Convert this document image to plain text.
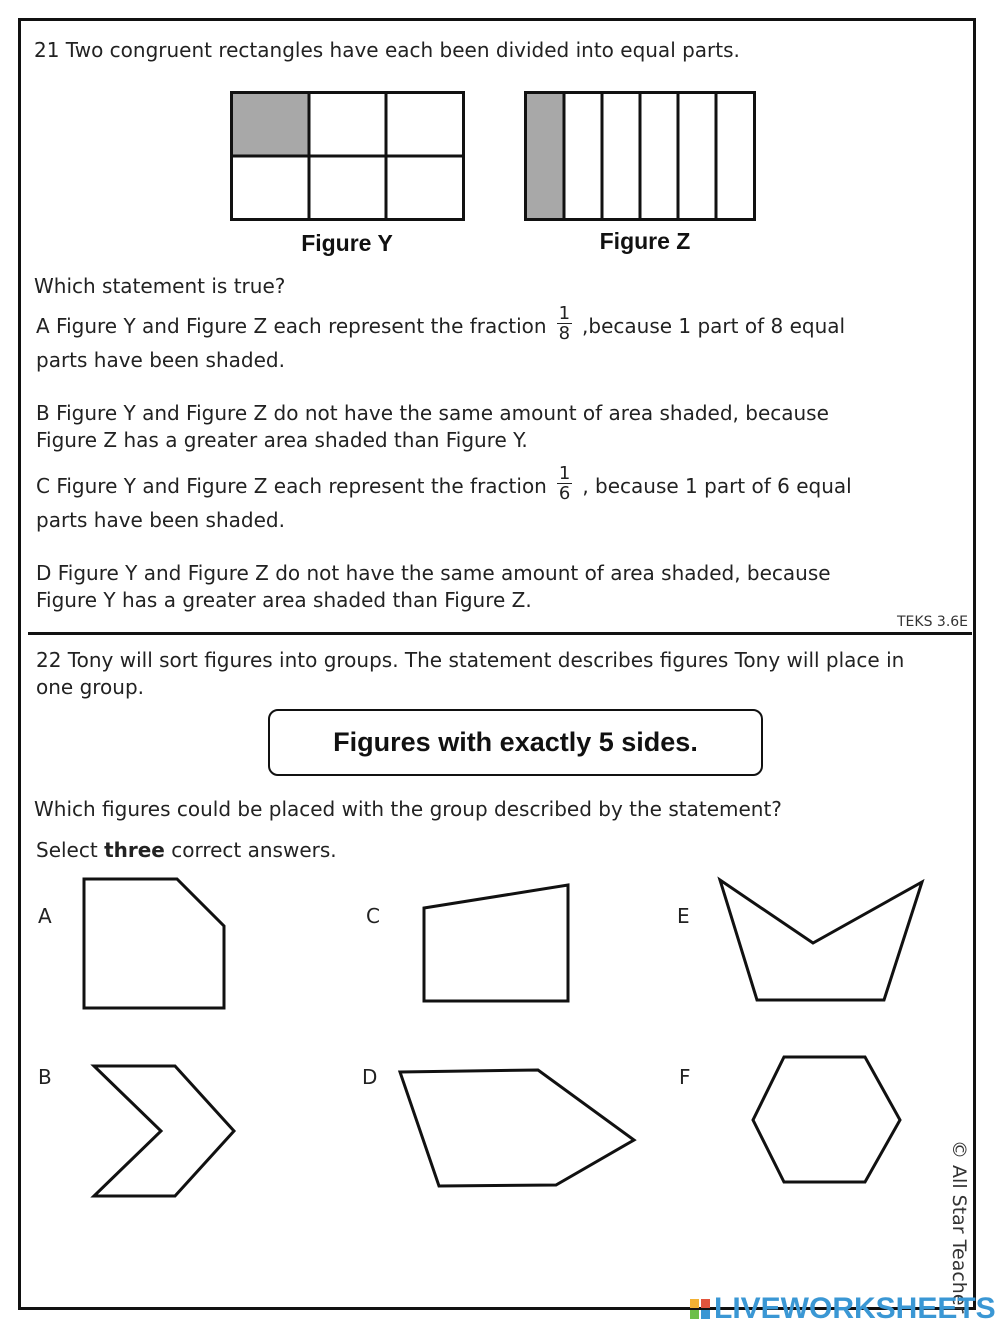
21 Two congruent rectangles have each been divided into equal parts.
Figure Y	Figure Z
Which statement is true?
A Figure Y and Figure Z each represent the fraction $\frac{1}{8}$ ,because 1 part of 8 equal
parts have been shaded.
B Figure Y and Figure Z do not have the same amount of area shaded, because
Figure Z has a greater area shaded than Figure Y.
C Figure Y and Figure Z each represent the fraction $\frac{1}{6}$ , because 1 part of 6 equal
parts have been shaded.
D Figure Y and Figure Z do not have the same amount of area shaded, because
Figure Y has a greater area shaded than Figure Z.
TEKS 3.6E
22 Tony will sort figures into groups. The statement describes figures Tony will place in
one group.
Figures with exactly 5 sides.
Which figures could be placed with the group described by the statement?
Select three correct answers.
A	C	E
B	D	F
© All Star Teacher
LIVEWORKSHEETS
